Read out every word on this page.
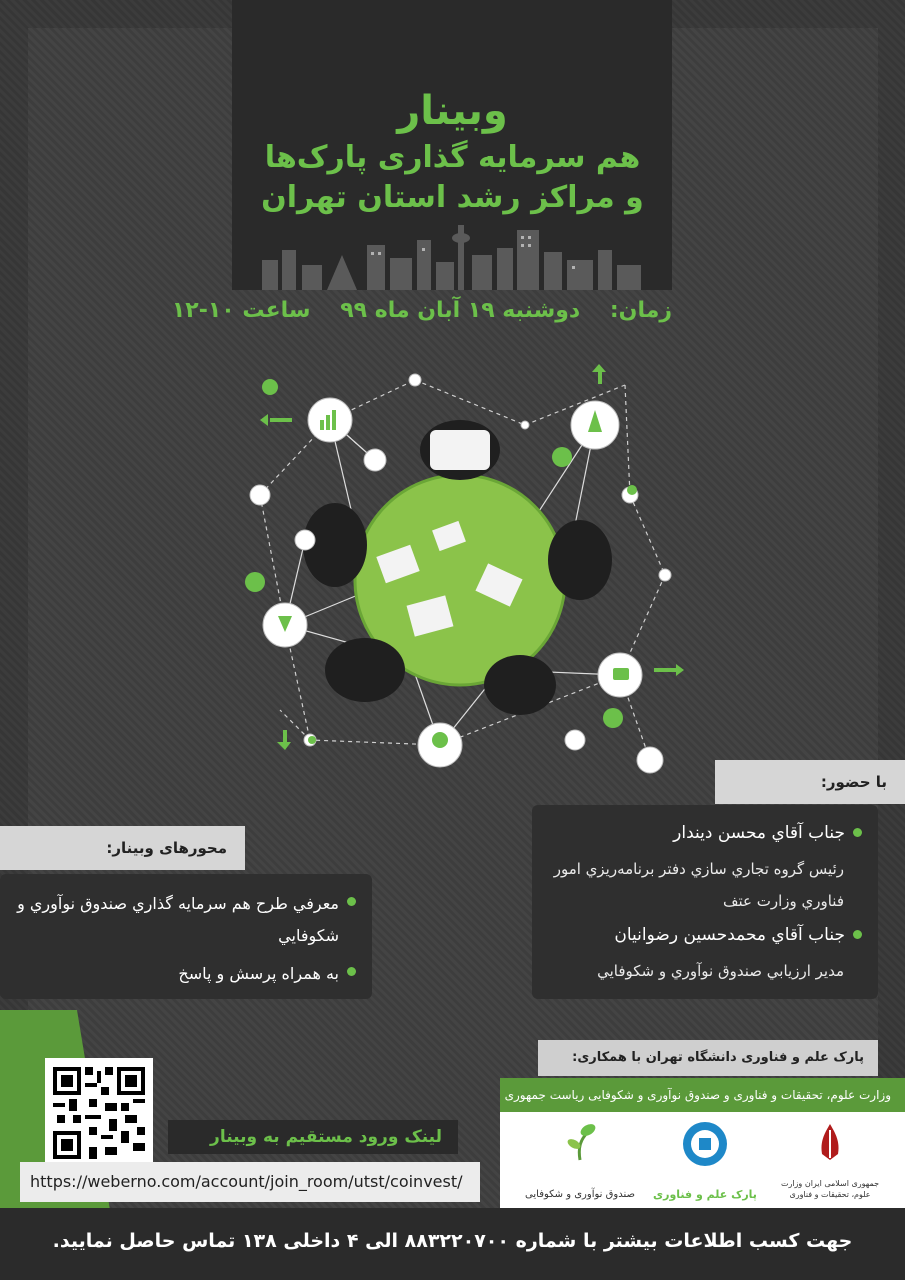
وبینار
هم سرمایه گذاری پارک‌ها
و مراکز رشد استان تهران
زمان: دوشنبه ۱۹ آبان ماه ۹۹ ساعت ۱۰-۱۲
با حضور:
جناب آقاي محسن دیندار
رئیس گروه تجاري سازي دفتر برنامه‌ریزي امور فناوري وزارت عتف
جناب آقاي محمدحسین رضوانیان
مدیر ارزیابي صندوق نوآوري و شکوفايي
محورهای وبینار:
معرفي طرح هم سرمایه گذاري صندوق نوآوري و شکوفايي
به همراه پرسش و پاسخ
لینک ورود مستقیم به وبینار
https://weberno.com/account/join_room/utst/coinvest/
پارک علم و فناوری دانشگاه تهران با همکاری:
وزارت علوم، تحقیقات و فناوری و صندوق نوآوری و شکوفایی ریاست جمهوری
جمهوری اسلامی ایران وزارت علوم، تحقیقات و فناوری
پارک علم و فناوری
صندوق نوآوری و شکوفایی
جهت کسب اطلاعات بیشتر با شماره ۸۸۳۲۲۰۷۰۰ الی ۴ داخلی ۱۳۸ تماس حاصل نمایید.
